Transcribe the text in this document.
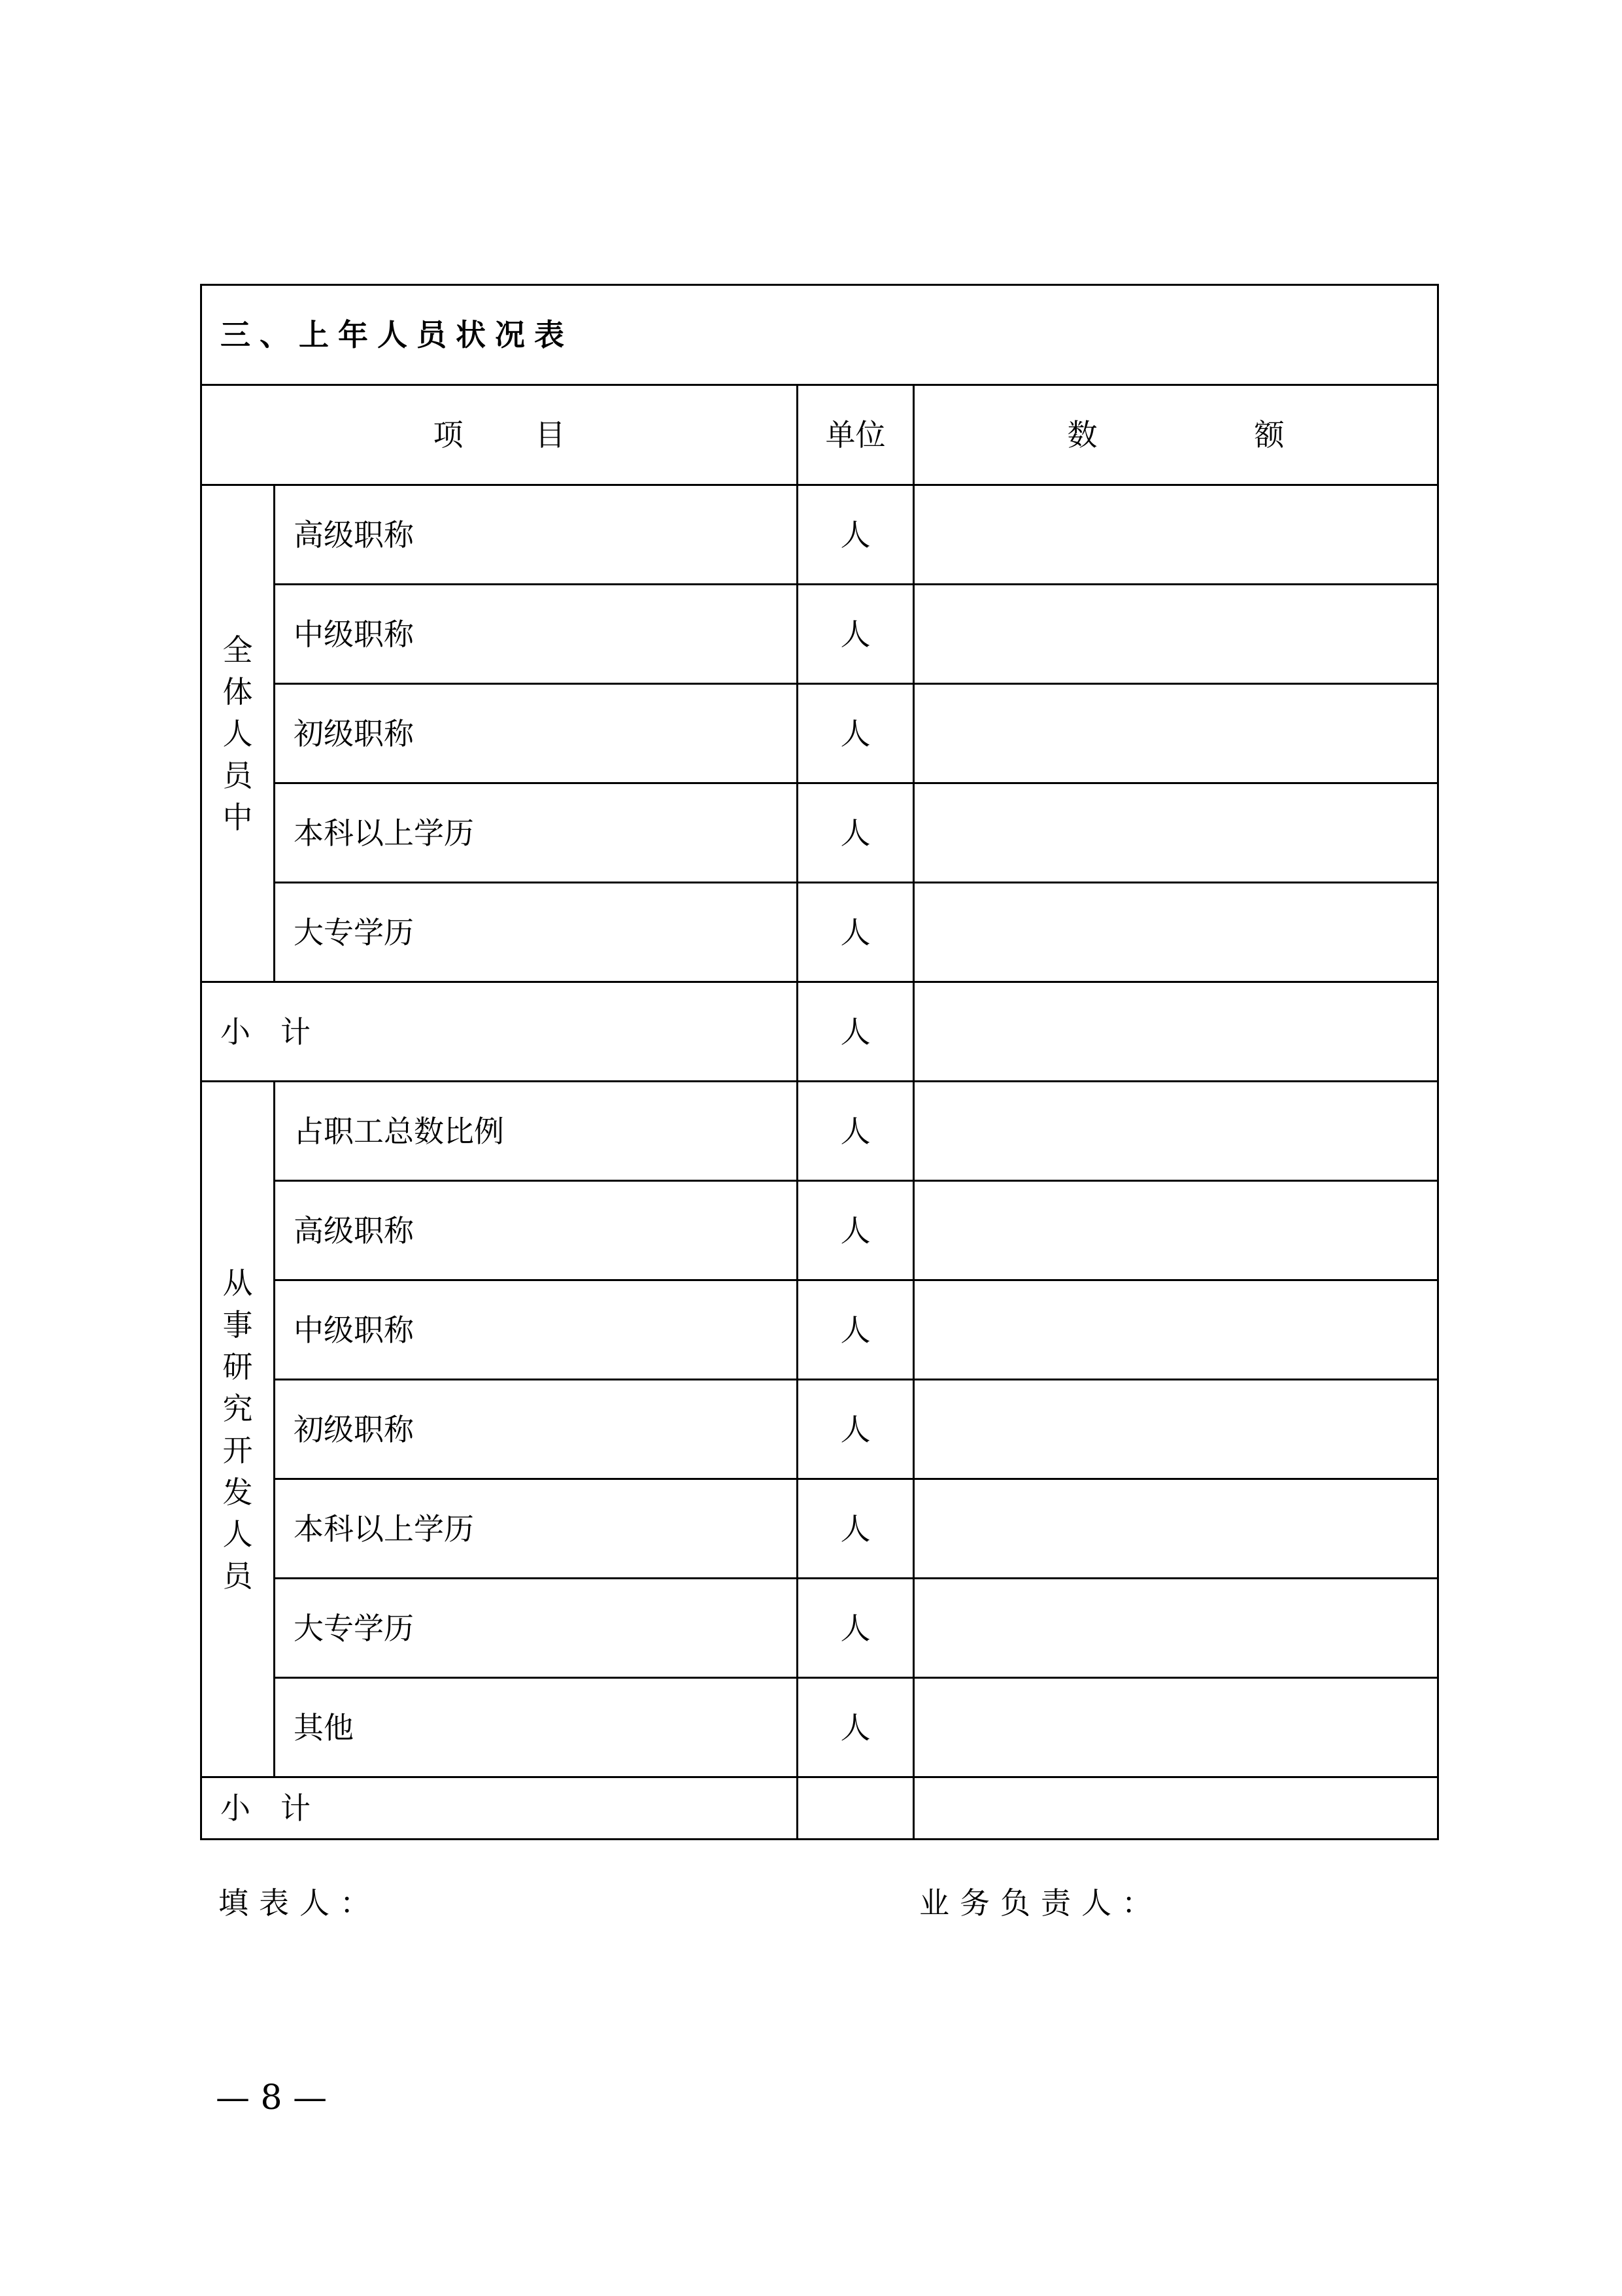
三、上年人员状况表			
项 目		单位	数 额
全体人员中	高级职称	人	
	中级职称	人	
	初级职称	人	
	本科以上学历	人	
	大专学历	人	
小 计		人	
从事研究开发人员	占职工总数比例	人	
	高级职称	人	
	中级职称	人	
	初级职称	人	
	本科以上学历	人	
	大专学历	人	
	其他	人	
小 计			
填表人：	业务负责人：
— 8 —
